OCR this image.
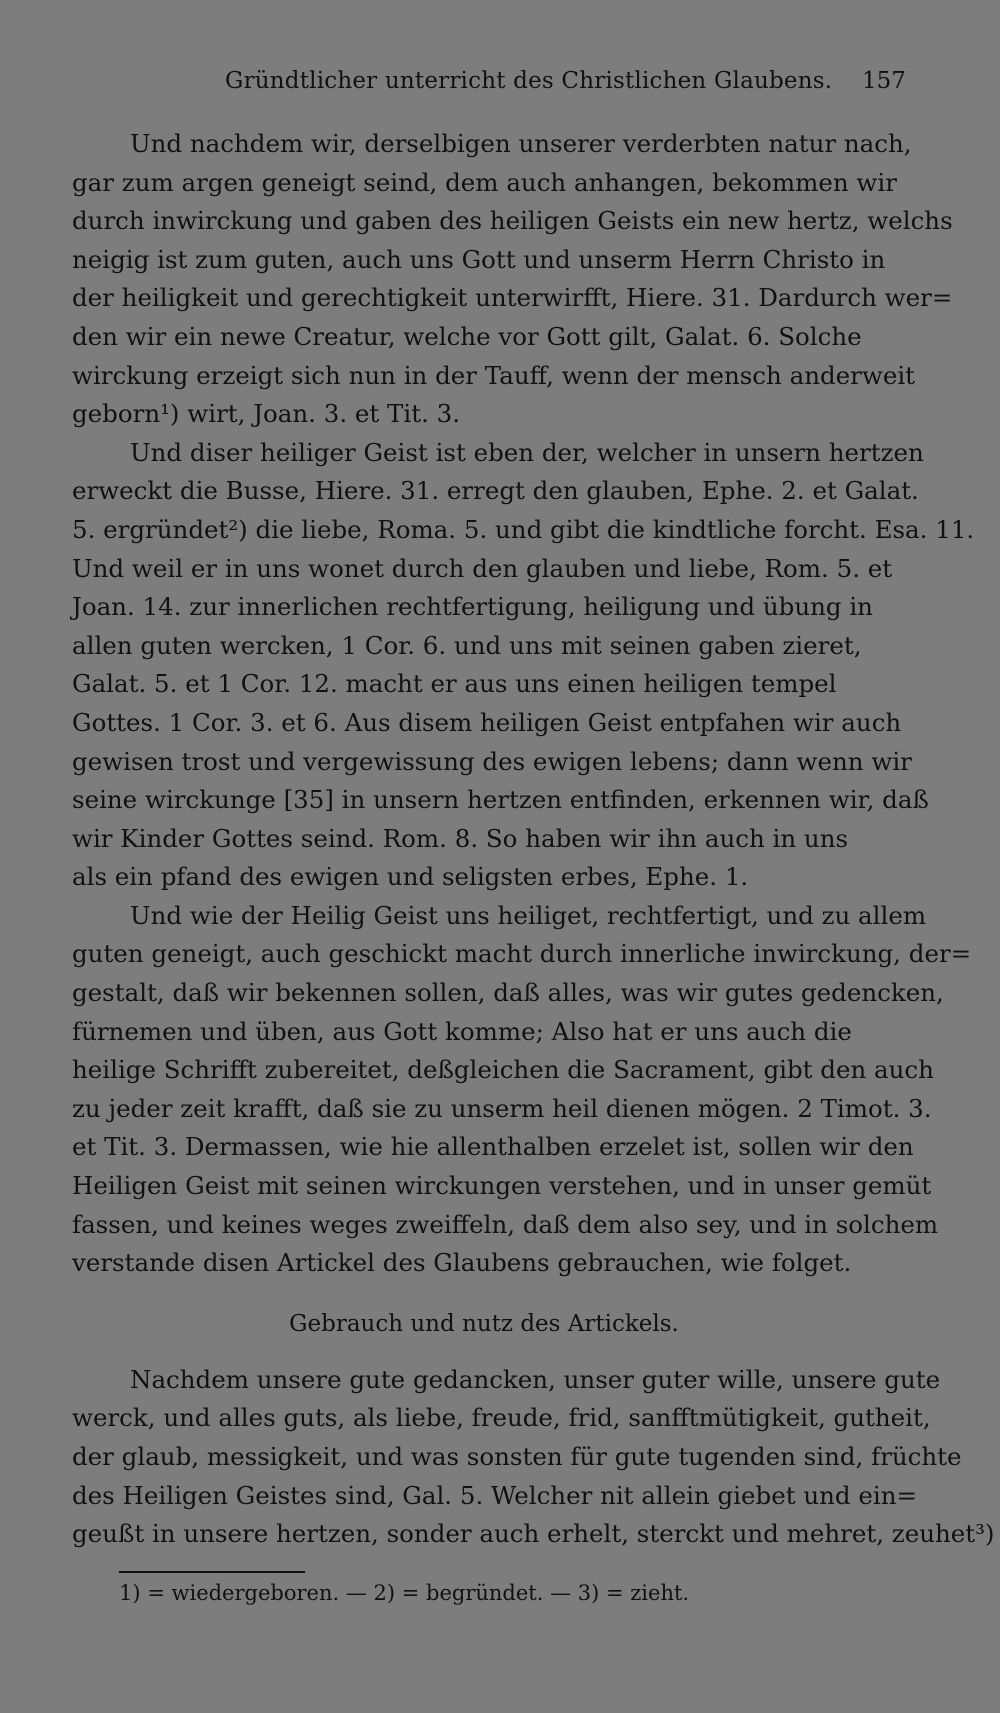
Gründtlicher unterricht des Christlichen Glaubens. 157

Und nachdem wir, derselbigen unserer verderbten natur nach,
gar zum argen geneigt seind, dem auch anhangen, bekommen wir
durch inwirckung und gaben des heiligen Geists ein new hertz, welchs
neigig ist zum guten, auch uns Gott und unserm Herrn Christo in
der heiligkeit und gerechtigkeit unterwirfft, Hiere. 31. Dardurch wer=
den wir ein newe Creatur, welche vor Gott gilt, Galat. 6. Solche
wirckung erzeigt sich nun in der Tauff, wenn der mensch anderweit
geborn¹) wirt, Joan. 3. et Tit. 3.

Und diser heiliger Geist ist eben der, welcher in unsern hertzen
erweckt die Busse, Hiere. 31. erregt den glauben, Ephe. 2. et Galat.
5. ergründet²) die liebe, Roma. 5. und gibt die kindtliche forcht. Esa. 11.
Und weil er in uns wonet durch den glauben und liebe, Rom. 5. et
Joan. 14. zur innerlichen rechtfertigung, heiligung und übung in
allen guten wercken, 1 Cor. 6. und uns mit seinen gaben zieret,
Galat. 5. et 1 Cor. 12. macht er aus uns einen heiligen tempel
Gottes. 1 Cor. 3. et 6. Aus disem heiligen Geist entpfahen wir auch
gewisen trost und vergewissung des ewigen lebens; dann wenn wir
seine wirckunge [35] in unsern hertzen entfinden, erkennen wir, daß
wir Kinder Gottes seind. Rom. 8. So haben wir ihn auch in uns
als ein pfand des ewigen und seligsten erbes, Ephe. 1.

Und wie der Heilig Geist uns heiliget, rechtfertigt, und zu allem
guten geneigt, auch geschickt macht durch innerliche inwirckung, der=
gestalt, daß wir bekennen sollen, daß alles, was wir gutes gedencken,
fürnemen und üben, aus Gott komme; Also hat er uns auch die
heilige Schrifft zubereitet, deßgleichen die Sacrament, gibt den auch
zu jeder zeit krafft, daß sie zu unserm heil dienen mögen. 2 Timot. 3.
et Tit. 3. Dermassen, wie hie allenthalben erzelet ist, sollen wir den
Heiligen Geist mit seinen wirckungen verstehen, und in unser gemüt
fassen, und keines weges zweiffeln, daß dem also sey, und in solchem
verstande disen Artickel des Glaubens gebrauchen, wie folget.

Gebrauch und nutz des Artickels.

Nachdem unsere gute gedancken, unser guter wille, unsere gute
werck, und alles guts, als liebe, freude, frid, sanfftmütigkeit, gutheit,
der glaub, messigkeit, und was sonsten für gute tugenden sind, früchte
des Heiligen Geistes sind, Gal. 5. Welcher nit allein giebet und ein=
geußt in unsere hertzen, sonder auch erhelt, sterckt und mehret, zeuhet³)

1) = wiedergeboren. — 2) = begründet. — 3) = zieht.
